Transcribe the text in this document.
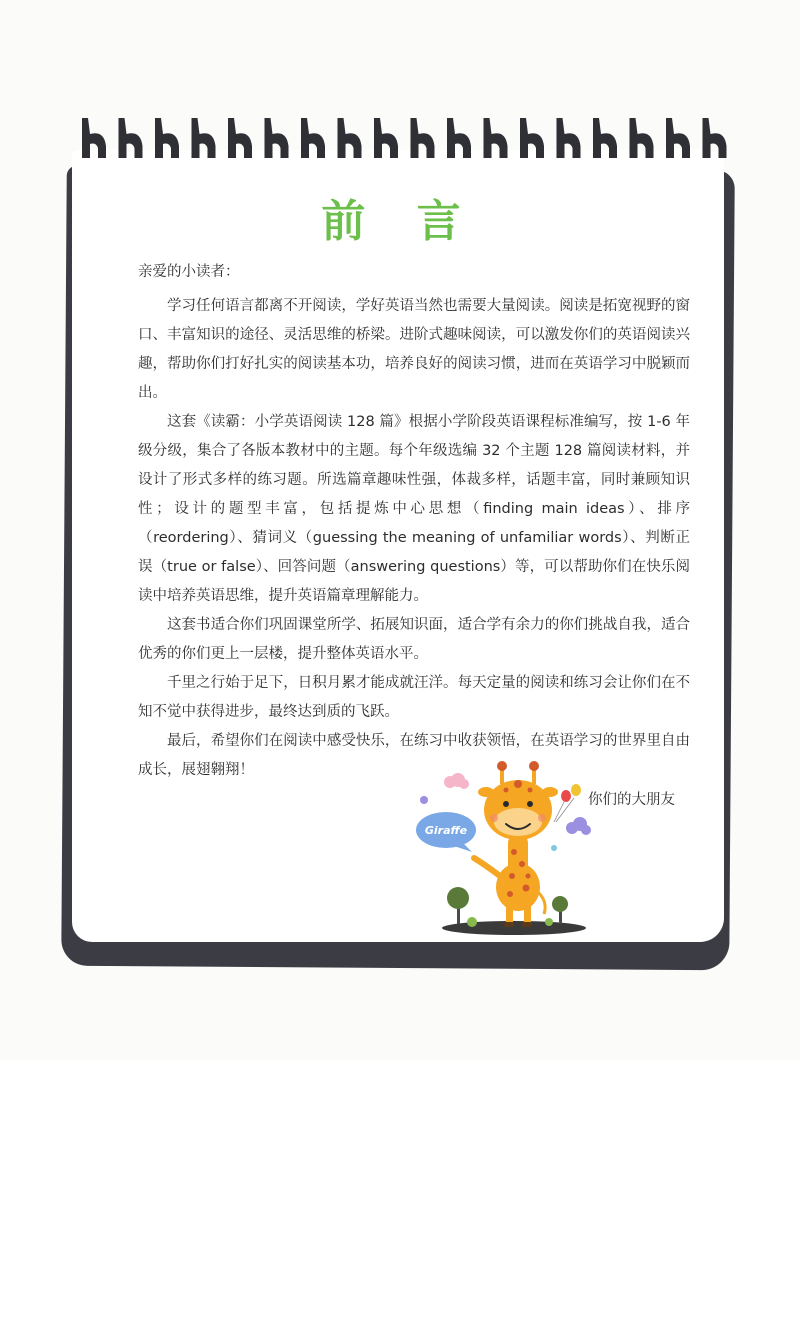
前 言

亲爱的小读者：

学习任何语言都离不开阅读，学好英语当然也需要大量阅读。阅读是拓宽视野的窗口、丰富知识的途径、灵活思维的桥梁。进阶式趣味阅读，可以激发你们的英语阅读兴趣，帮助你们打好扎实的阅读基本功，培养良好的阅读习惯，进而在英语学习中脱颖而出。

这套《读霸：小学英语阅读 128 篇》根据小学阶段英语课程标准编写，按 1-6 年级分级，集合了各版本教材中的主题。每个年级选编 32 个主题 128 篇阅读材料，并设计了形式多样的练习题。所选篇章趣味性强，体裁多样，话题丰富，同时兼顾知识性；设计的题型丰富，包括提炼中心思想（finding main ideas）、排序（reordering）、猜词义（guessing the meaning of unfamiliar words）、判断正误（true or false）、回答问题（answering questions）等，可以帮助你们在快乐阅读中培养英语思维，提升英语篇章理解能力。

这套书适合你们巩固课堂所学、拓展知识面，适合学有余力的你们挑战自我，适合优秀的你们更上一层楼，提升整体英语水平。

千里之行始于足下，日积月累才能成就汪洋。每天定量的阅读和练习会让你们在不知不觉中获得进步，最终达到质的飞跃。

最后，希望你们在阅读中感受快乐，在练习中收获领悟，在英语学习的世界里自由成长，展翅翱翔！

你们的大朋友
Giraffe
